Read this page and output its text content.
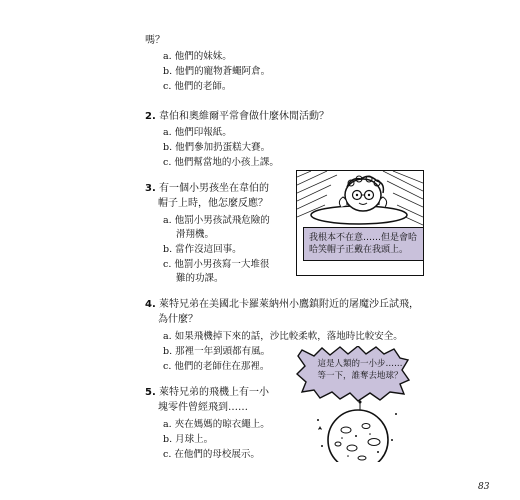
嗎？
a. 他們的妹妹。
b. 他們的寵物蒼蠅阿倉。
c. 他們的老師。
2. 韋伯和奧維爾平常會做什麼休閒活動？
a. 他們印報紙。
b. 他們參加扔蛋糕大賽。
c. 他們幫當地的小孩上課。
3. 有一個小男孩坐在韋伯的
帽子上時，他怎麼反應？
a. 他罰小男孩試飛危險的
滑翔機。
b. 當作沒這回事。
c. 他罰小男孩寫一大堆很
難的功課。
我根本不在意……但是會哈哈笑帽子正戴在我頭上。
4. 萊特兄弟在美國北卡羅萊納州小鷹鎮附近的屠魔沙丘試飛，
為什麼？
a. 如果飛機掉下來的話，沙比較柔軟，落地時比較安全。
b. 那裡一年到頭都有風。
c. 他們的老師住在那裡。
5. 萊特兄弟的飛機上有一小
塊零件曾經飛到……
a. 夾在媽媽的晾衣繩上。
b. 月球上。
c. 在他們的母校展示。
這是人類的一小步……等一下，誰奪去地球？
83
